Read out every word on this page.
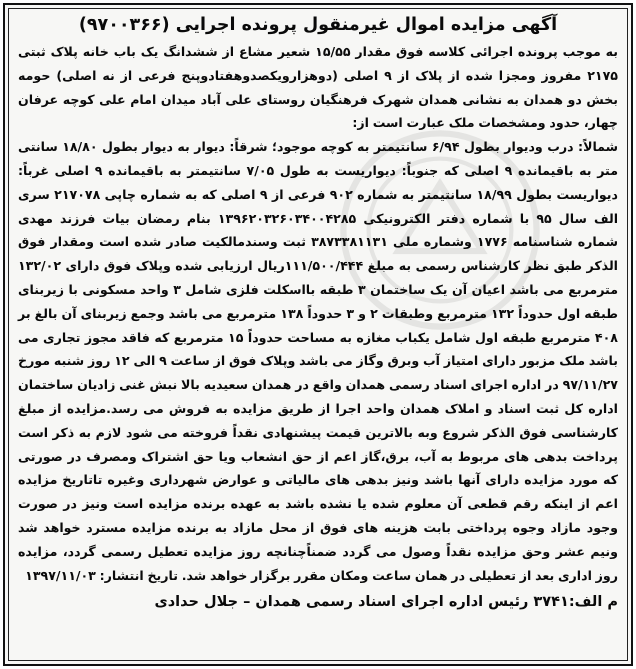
آگهی مزایده اموال غیرمنقول پرونده اجرایی (۹۷۰۰۳۶۶)

به موجب پرونده اجرائی کلاسه فوق مقدار ۱۵/۵۵ شعیر مشاع از ششدانگ یک باب خانه پلاک ثبتی ۲۱۷۵ مفروز ومجزا شده از پلاک از ۹ اصلی (دوهزارویکصدوهفتادوپنج فرعی از نه اصلی) حومه بخش دو همدان به نشانی همدان شهرک فرهنگیان روستای علی آباد میدان امام علی کوچه عرفان چهار، حدود ومشخصات ملک عبارت است از:

شمالاً: درب ودیوار بطول ۶/۹۴ سانتیمتر به کوچه موجود؛ شرقاً: دیوار به دیوار بطول ۱۸/۸۰ سانتی متر به باقیمانده ۹ اصلی که جنوباً: دیواریست به طول ۷/۰۵ سانتیمتر به باقیمانده ۹ اصلی غرباً: دیواریست بطول ۱۸/۹۹ سانتیمتر به شماره ۹۰۲ فرعی از ۹ اصلی که به شماره چاپی ۲۱۷۰۷۸ سری الف سال ۹۵ با شماره دفتر الکترونیکی ۱۳۹۶۲۰۳۲۶۰۳۴۰۰۴۲۸۵ بنام رمضان بیات فرزند مهدی شماره شناسنامه ۱۷۷۶ وشماره ملی ۳۸۷۳۳۸۱۱۳۱ ثبت وسندمالکیت صادر شده است ومقدار فوق الذکر طبق نظر کارشناس رسمی به مبلغ ۱۱۱/۵۰۰/۴۴۴ریال ارزیابی شده وپلاک فوق دارای ۱۳۲/۰۲ مترمربع می باشد اعیان آن یک ساختمان ۳ طبقه بااسکلت فلزی شامل ۳ واحد مسکونی با زیربنای طبقه اول حدوداً ۱۳۲ مترمربع وطبقات ۲ و ۳ حدوداً ۱۳۸ مترمربع می باشد وجمع زیربنای آن بالغ بر ۴۰۸ مترمربع طبقه اول شامل یکباب مغازه به مساحت حدوداً ۱۵ مترمربع که فاقد مجوز تجاری می باشد ملک مزبور دارای امتیاز آب وبرق وگاز می باشد وپلاک فوق از ساعت ۹ الی ۱۲ روز شنبه مورخ ۹۷/۱۱/۲۷ در اداره اجرای اسناد رسمی همدان واقع در همدان سعیدیه بالا نبش غنی زادیان ساختمان اداره کل ثبت اسناد و املاک همدان واحد اجرا از طریق مزایده به فروش می رسد.مزایده از مبلغ کارشناسی فوق الذکر شروع وبه بالاترین قیمت پیشنهادی نقداً فروخته می شود لازم به ذکر است پرداخت بدهی های مربوط به آب، برق،گاز اعم از حق انشعاب ویا حق اشتراک ومصرف در صورتی که مورد مزایده دارای آنها باشد ونیز بدهی های مالیاتی و عوارض شهرداری وغیره تاتاریخ مزایده اعم از اینکه رقم قطعی آن معلوم شده یا نشده باشد به عهده برنده مزایده است ونیز در صورت وجود مازاد وجوه پرداختی بابت هزینه های فوق از محل مازاد به برنده مزایده مسترد خواهد شد ونیم عشر وحق مزایده نقداً وصول می گردد ضمناًچنانچه روز مزایده تعطیل رسمی گردد، مزایده روز اداری بعد از تعطیلی در همان ساعت ومکان مقرر برگزار خواهد شد. تاریخ انتشار: ۱۳۹۷/۱۱/۰۳

م الف:۳۷۴۱ رئیس اداره اجرای اسناد رسمی همدان – جلال حدادی
